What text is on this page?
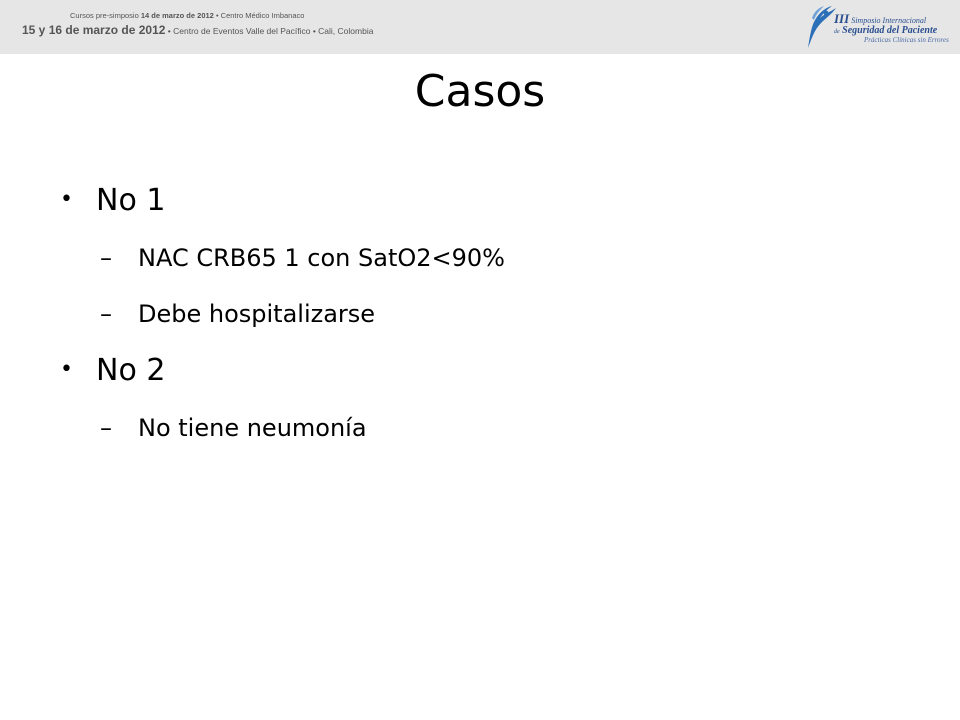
Cursos pre-simposio 14 de marzo de 2012 • Centro Médico Imbanaco
15 y 16 de marzo de 2012 • Centro de Eventos Valle del Pacífico • Cali, Colombia
III Simposio Internacional
de Seguridad del Paciente
Prácticas Clínicas sin Errores
Casos
• No 1
– NAC CRB65 1 con SatO2<90%
– Debe hospitalizarse
• No 2
– No tiene neumonía
